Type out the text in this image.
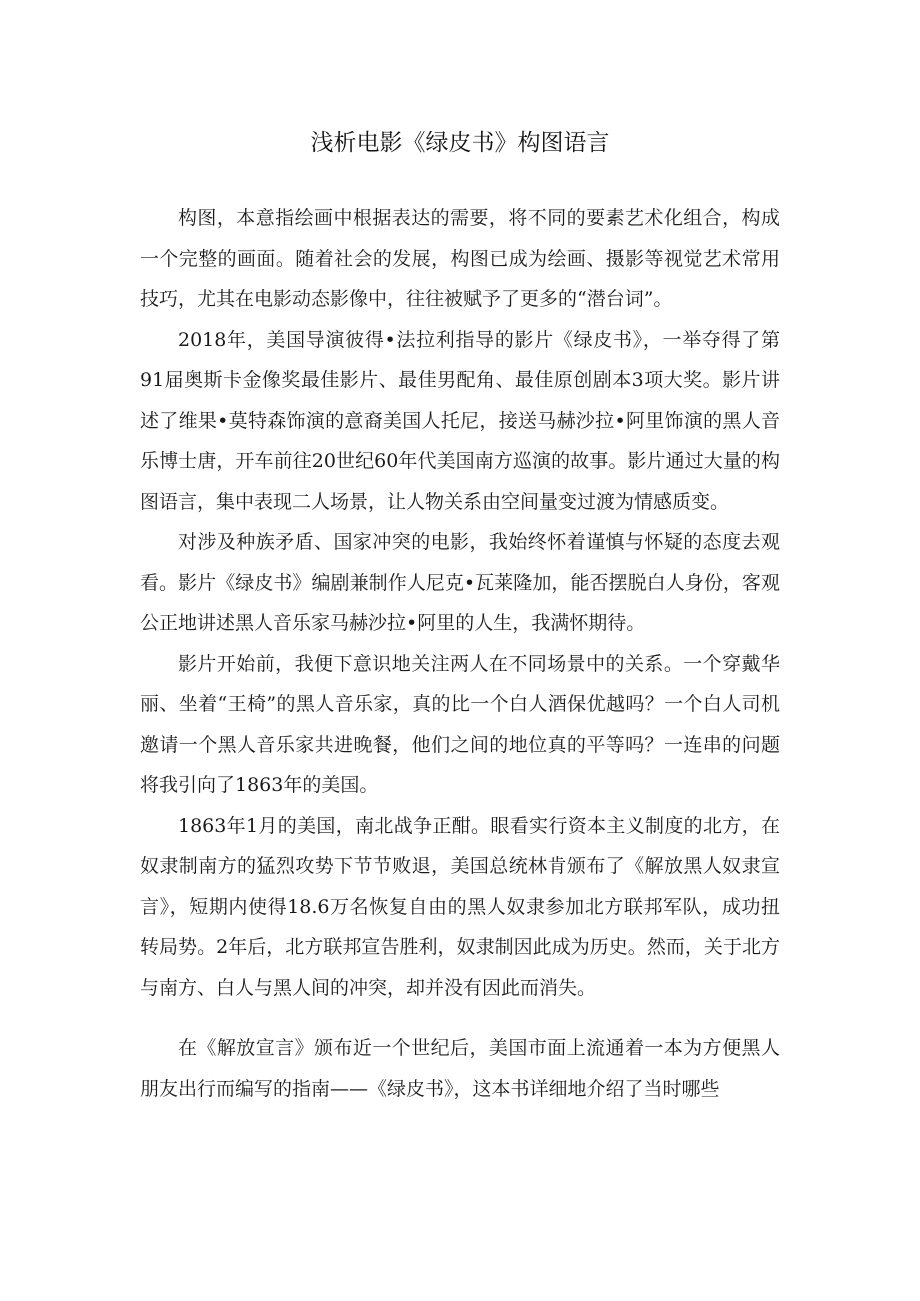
浅析电影《绿皮书》构图语言

构图，本意指绘画中根据表达的需要，将不同的要素艺术化组合，构成一个完整的画面。随着社会的发展，构图已成为绘画、摄影等视觉艺术常用技巧，尤其在电影动态影像中，往往被赋予了更多的“潜台词”。

2018年，美国导演彼得•法拉利指导的影片《绿皮书》，一举夺得了第91届奥斯卡金像奖最佳影片、最佳男配角、最佳原创剧本3项大奖。影片讲述了维果•莫特森饰演的意裔美国人托尼，接送马赫沙拉•阿里饰演的黑人音乐博士唐，开车前往20世纪60年代美国南方巡演的故事。影片通过大量的构图语言，集中表现二人场景，让人物关系由空间量变过渡为情感质变。

对涉及种族矛盾、国家冲突的电影，我始终怀着谨慎与怀疑的态度去观看。影片《绿皮书》编剧兼制作人尼克•瓦莱隆加，能否摆脱白人身份，客观公正地讲述黑人音乐家马赫沙拉•阿里的人生，我满怀期待。

影片开始前，我便下意识地关注两人在不同场景中的关系。一个穿戴华丽、坐着“王椅”的黑人音乐家，真的比一个白人酒保优越吗？一个白人司机邀请一个黑人音乐家共进晚餐，他们之间的地位真的平等吗？一连串的问题将我引向了1863年的美国。

1863年1月的美国，南北战争正酣。眼看实行资本主义制度的北方，在奴隶制南方的猛烈攻势下节节败退，美国总统林肯颁布了《解放黑人奴隶宣言》，短期内使得18.6万名恢复自由的黑人奴隶参加北方联邦军队，成功扭转局势。2年后，北方联邦宣告胜利，奴隶制因此成为历史。然而，关于北方与南方、白人与黑人间的冲突，却并没有因此而消失。

在《解放宣言》颁布近一个世纪后，美国市面上流通着一本为方便黑人朋友出行而编写的指南——《绿皮书》，这本书详细地介绍了当时哪些
